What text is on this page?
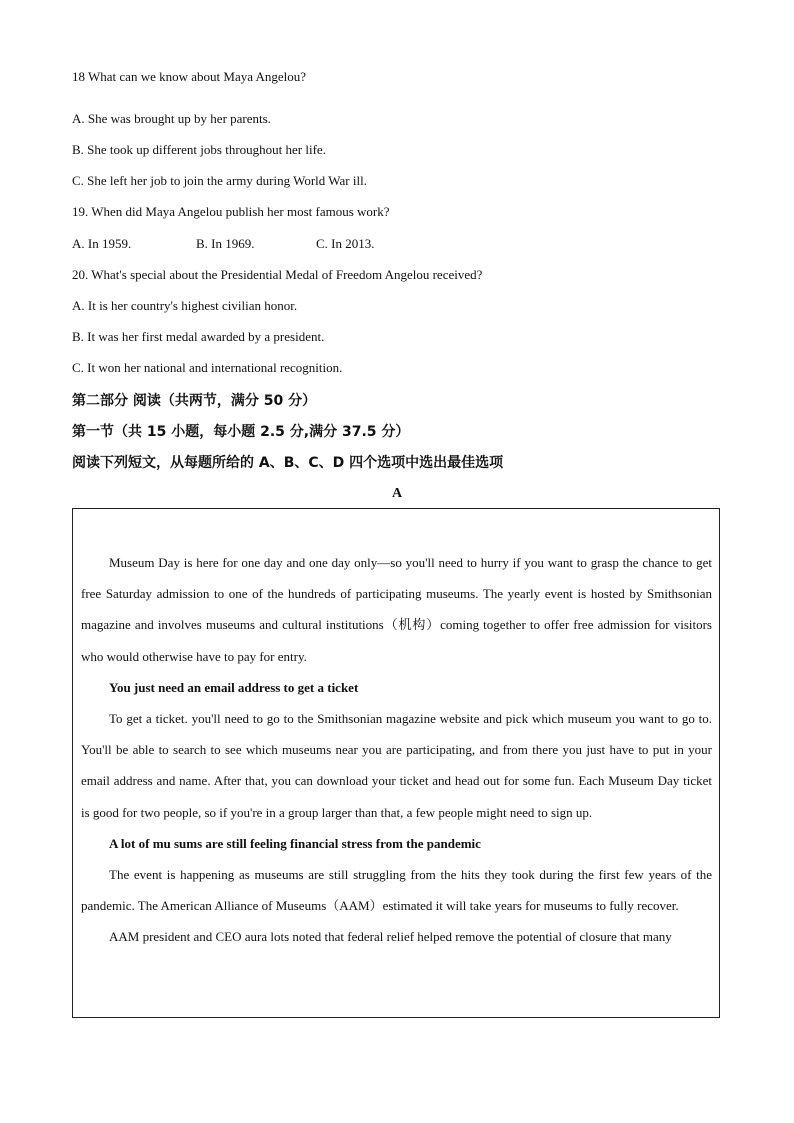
18 What can we know about Maya Angelou?
A. She was brought up by her parents.
B. She took up different jobs throughout her life.
C. She left her job to join the army during World War ill.
19. When did Maya Angelou publish her most famous work?
A. In 1959.	B. In 1969.	C. In 2013.
20. What's special about the Presidential Medal of Freedom Angelou received?
A. It is her country's highest civilian honor.
B. It was her first medal awarded by a president.
C. It won her national and international recognition.
第二部分 阅读（共两节，满分 50 分）
第一节（共 15 小题，每小题 2.5 分,满分 37.5 分）
阅读下列短文，从每题所给的 A、B、C、D 四个选项中选出最佳选项
A

Museum Day is here for one day and one day only—so you'll need to hurry if you want to grasp the chance to get free Saturday admission to one of the hundreds of participating museums. The yearly event is hosted by Smithsonian magazine and involves museums and cultural institutions（机构）coming together to offer free admission for visitors who would otherwise have to pay for entry.

You just need an email address to get a ticket

To get a ticket. you'll need to go to the Smithsonian magazine website and pick which museum you want to go to. You'll be able to search to see which museums near you are participating, and from there you just have to put in your email address and name. After that, you can download your ticket and head out for some fun. Each Museum Day ticket is good for two people, so if you're in a group larger than that, a few people might need to sign up.

A lot of mu sums are still feeling financial stress from the pandemic

The event is happening as museums are still struggling from the hits they took during the first few years of the pandemic. The American Alliance of Museums（AAM）estimated it will take years for museums to fully recover.

AAM president and CEO aura lots noted that federal relief helped remove the potential of closure that many
